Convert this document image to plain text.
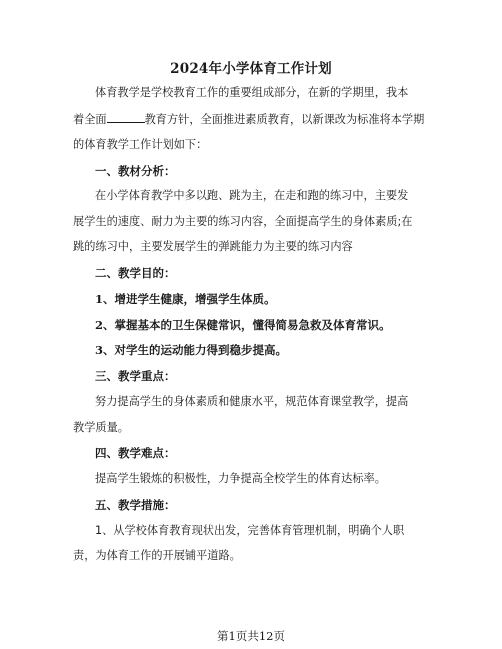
2024年小学体育工作计划
体育教学是学校教育工作的重要组成部分，在新的学期里，我本
着全面	教育方针，全面推进素质教育，以新课改为标准将本学期
的体育教学工作计划如下：
一、教材分析：
在小学体育教学中多以跑、跳为主，在走和跑的练习中，主要发
展学生的速度、耐力为主要的练习内容，全面提高学生的身体素质;在
跳的练习中，主要发展学生的弹跳能力为主要的练习内容
二、教学目的：
1、增进学生健康，增强学生体质。
2、掌握基本的卫生保健常识，懂得简易急救及体育常识。
3、对学生的运动能力得到稳步提高。
三、教学重点：
努力提高学生的身体素质和健康水平，规范体育课堂教学，提高
教学质量。
四、教学难点：
提高学生锻炼的积极性，力争提高全校学生的体育达标率。
五、教学措施：
1、从学校体育教育现状出发，完善体育管理机制，明确个人职
责，为体育工作的开展铺平道路。
第1页共12页
